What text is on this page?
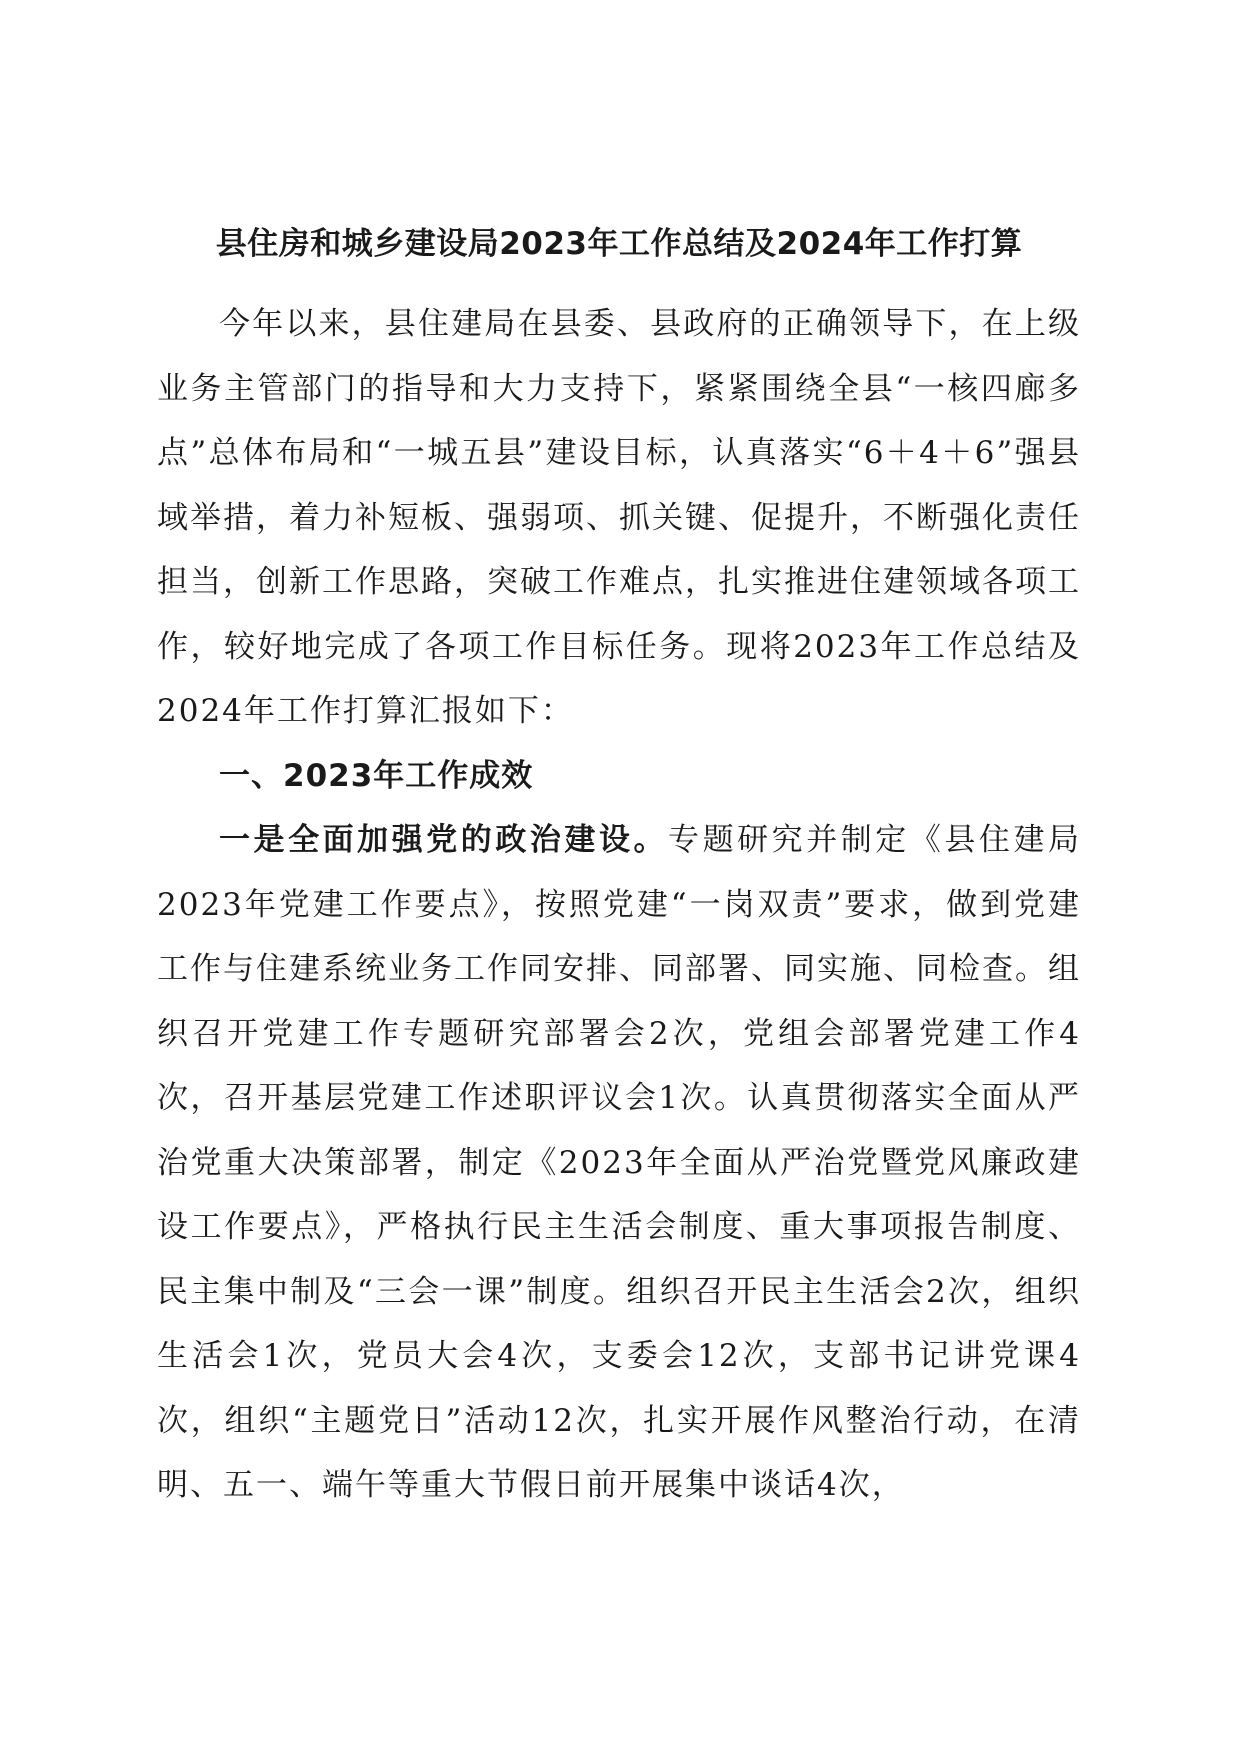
县住房和城乡建设局2023年工作总结及2024年工作打算

今年以来，县住建局在县委、县政府的正确领导下，在上级业务主管部门的指导和大力支持下，紧紧围绕全县“一核四廊多点”总体布局和“一城五县”建设目标，认真落实“6＋4＋6”强县域举措，着力补短板、强弱项、抓关键、促提升，不断强化责任担当，创新工作思路，突破工作难点，扎实推进住建领域各项工作，较好地完成了各项工作目标任务。现将2023年工作总结及2024年工作打算汇报如下：

一、2023年工作成效

一是全面加强党的政治建设。专题研究并制定《县住建局2023年党建工作要点》，按照党建“一岗双责”要求，做到党建工作与住建系统业务工作同安排、同部署、同实施、同检查。组织召开党建工作专题研究部署会2次，党组会部署党建工作4次，召开基层党建工作述职评议会1次。认真贯彻落实全面从严治党重大决策部署，制定《2023年全面从严治党暨党风廉政建设工作要点》，严格执行民主生活会制度、重大事项报告制度、民主集中制及“三会一课”制度。组织召开民主生活会2次，组织生活会1次，党员大会4次，支委会12次，支部书记讲党课4次，组织“主题党日”活动12次，扎实开展作风整治行动，在清明、五一、端午等重大节假日前开展集中谈话4次，
